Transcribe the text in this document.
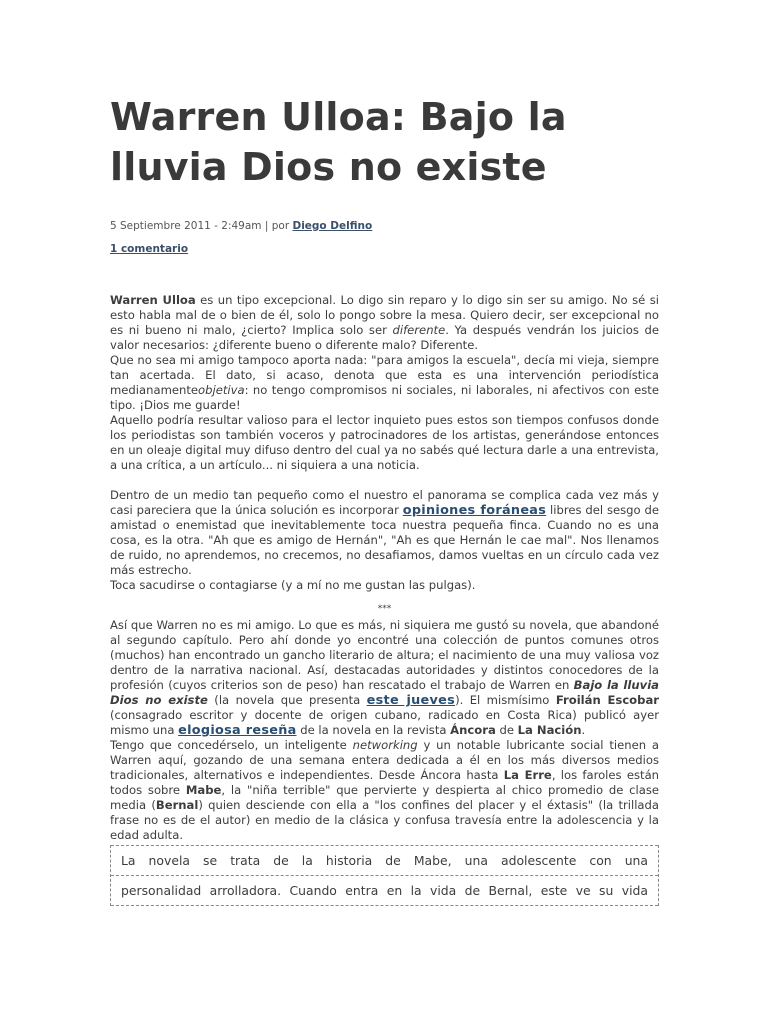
Warren Ulloa: Bajo la lluvia Dios no existe
5 Septiembre 2011 - 2:49am | por Diego Delfino
1 comentario

Warren Ulloa es un tipo excepcional. Lo digo sin reparo y lo digo sin ser su amigo. No sé si esto habla mal de o bien de él, solo lo pongo sobre la mesa. Quiero decir, ser excepcional no es ni bueno ni malo, ¿cierto? Implica solo ser diferente. Ya después vendrán los juicios de valor necesarios: ¿diferente bueno o diferente malo? Diferente.

Que no sea mi amigo tampoco aporta nada: "para amigos la escuela", decía mi vieja, siempre tan acertada. El dato, si acaso, denota que esta es una intervención periodística medianamenteobjetiva: no tengo compromisos ni sociales, ni laborales, ni afectivos con este tipo. ¡Dios me guarde!

Aquello podría resultar valioso para el lector inquieto pues estos son tiempos confusos donde los periodistas son también voceros y patrocinadores de los artistas, generándose entonces en un oleaje digital muy difuso dentro del cual ya no sabés qué lectura darle a una entrevista, a una crítica, a un artículo... ni siquiera a una noticia.

Dentro de un medio tan pequeño como el nuestro el panorama se complica cada vez más y casi pareciera que la única solución es incorporar opiniones foráneas libres del sesgo de amistad o enemistad que inevitablemente toca nuestra pequeña finca. Cuando no es una cosa, es la otra. "Ah que es amigo de Hernán", "Ah es que Hernán le cae mal". Nos llenamos de ruido, no aprendemos, no crecemos, no desafiamos, damos vueltas en un círculo cada vez más estrecho.

Toca sacudirse o contagiarse (y a mí no me gustan las pulgas).

***

Así que Warren no es mi amigo. Lo que es más, ni siquiera me gustó su novela, que abandoné al segundo capítulo. Pero ahí donde yo encontré una colección de puntos comunes otros (muchos) han encontrado un gancho literario de altura; el nacimiento de una muy valiosa voz dentro de la narrativa nacional. Así, destacadas autoridades y distintos conocedores de la profesión (cuyos criterios son de peso) han rescatado el trabajo de Warren en Bajo la lluvia Dios no existe (la novela que presenta este jueves). El mismísimo Froilán Escobar (consagrado escritor y docente de origen cubano, radicado en Costa Rica) publicó ayer mismo una elogiosa reseña de la novela en la revista Áncora de La Nación.

Tengo que concedérselo, un inteligente networking y un notable lubricante social tienen a Warren aquí, gozando de una semana entera dedicada a él en los más diversos medios tradicionales, alternativos e independientes. Desde Áncora hasta La Erre, los faroles están todos sobre Mabe, la "niña terrible" que pervierte y despierta al chico promedio de clase media (Bernal) quien desciende con ella a "los confines del placer y el éxtasis" (la trillada frase no es de el autor) en medio de la clásica y confusa travesía entre la adolescencia y la edad adulta.

La novela se trata de la historia de Mabe, una adolescente con una
personalidad arrolladora. Cuando entra en la vida de Bernal, este ve su vida
